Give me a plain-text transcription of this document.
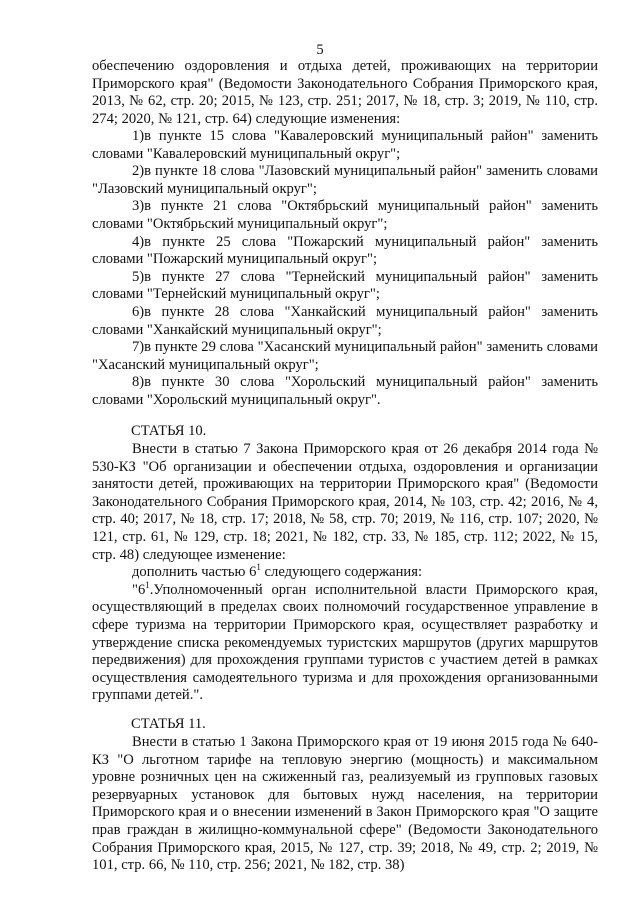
5

обеспечению оздоровления и отдыха детей, проживающих на территории Приморского края" (Ведомости Законодательного Собрания Приморского края, 2013, № 62, стр. 20; 2015, № 123, стр. 251; 2017, № 18, стр. 3; 2019, № 110, стр. 274; 2020, № 121, стр. 64) следующие изменения:

1)в пункте 15 слова "Кавалеровский муниципальный район" заменить словами "Кавалеровский муниципальный округ";

2)в пункте 18 слова "Лазовский муниципальный район" заменить словами "Лазовский муниципальный округ";

3)в пункте 21 слова "Октябрьский муниципальный район" заменить словами "Октябрьский муниципальный округ";

4)в пункте 25 слова "Пожарский муниципальный район" заменить словами "Пожарский муниципальный округ";

5)в пункте 27 слова "Тернейский муниципальный район" заменить словами "Тернейский муниципальный округ";

6)в пункте 28 слова "Ханкайский муниципальный район" заменить словами "Ханкайский муниципальный округ";

7)в пункте 29 слова "Хасанский муниципальный район" заменить словами "Хасанский муниципальный округ";

8)в пункте 30 слова "Хорольский муниципальный район" заменить словами "Хорольский муниципальный округ".

СТАТЬЯ 10.

Внести в статью 7 Закона Приморского края от 26 декабря 2014 года № 530-КЗ "Об организации и обеспечении отдыха, оздоровления и организации занятости детей, проживающих на территории Приморского края" (Ведомости Законодательного Собрания Приморского края, 2014, № 103, стр. 42; 2016, № 4, стр. 40; 2017, № 18, стр. 17; 2018, № 58, стр. 70; 2019, № 116, стр. 107; 2020, № 121, стр. 61, № 129, стр. 18; 2021, № 182, стр. 33, № 185, стр. 112; 2022, № 15, стр. 48) следующее изменение:

дополнить частью $6^1$ следующего содержания:

"$6^1.Уполномоченный$ орган исполнительной власти Приморского края, осуществляющий в пределах своих полномочий государственное управление в сфере туризма на территории Приморского края, осуществляет разработку и утверждение списка рекомендуемых туристских маршрутов (других маршрутов передвижения) для прохождения группами туристов с участием детей в рамках осуществления самодеятельного туризма и для прохождения организованными группами детей.".

СТАТЬЯ 11.

Внести в статью 1 Закона Приморского края от 19 июня 2015 года № 640-КЗ "О льготном тарифе на тепловую энергию (мощность) и максимальном уровне розничных цен на сжиженный газ, реализуемый из групповых газовых резервуарных установок для бытовых нужд населения, на территории Приморского края и о внесении изменений в Закон Приморского края "О защите прав граждан в жилищно-коммунальной сфере" (Ведомости Законодательного Собрания Приморского края, 2015, № 127, стр. 39; 2018, № 49, стр. 2; 2019, № 101, стр. 66, № 110, стр. 256; 2021, № 182, стр. 38)
